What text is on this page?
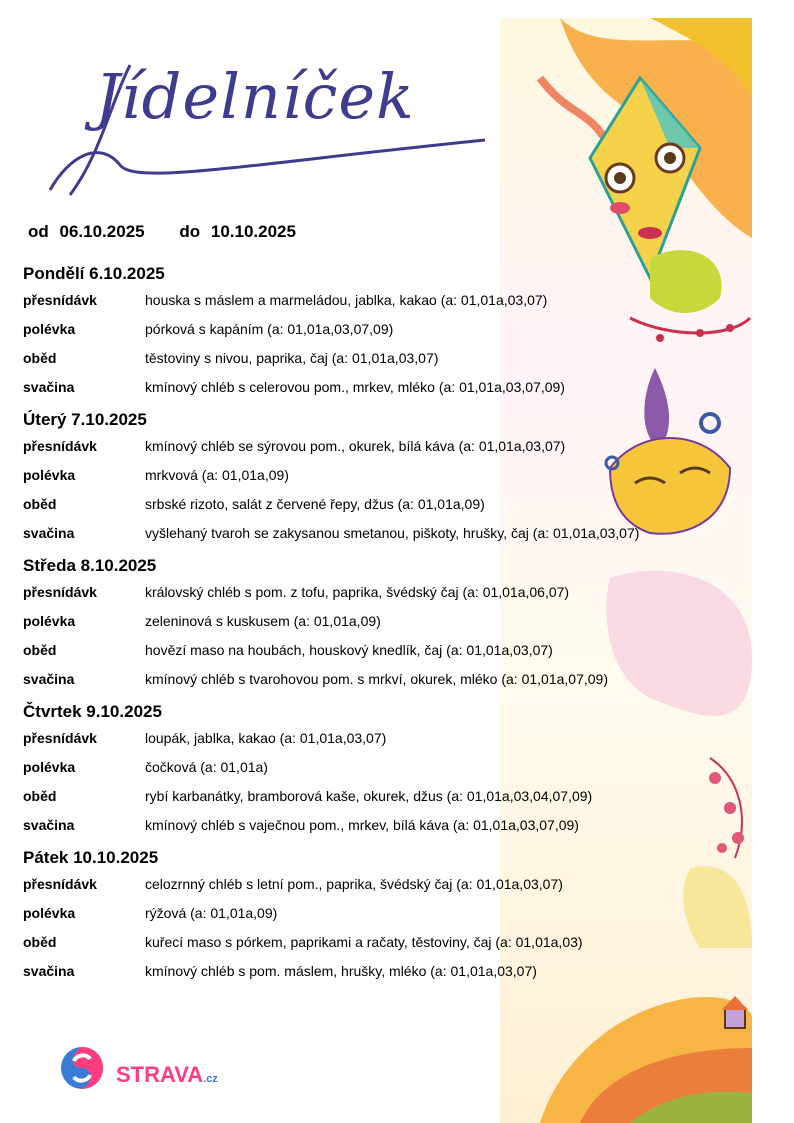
Jídelníček
od 06.10.2025 do 10.10.2025
Pondělí 6.10.2025
přesnídávk	houska s máslem a marmeládou, jablka, kakao (a: 01,01a,03,07)
polévka	pórková s kapáním (a: 01,01a,03,07,09)
oběd	těstoviny s nivou, paprika, čaj (a: 01,01a,03,07)
svačina	kmínový chléb s celerovou pom., mrkev, mléko (a: 01,01a,03,07,09)
Úterý 7.10.2025
přesnídávk	kmínový chléb se sýrovou pom., okurek, bílá káva (a: 01,01a,03,07)
polévka	mrkvová (a: 01,01a,09)
oběd	srbské rizoto, salát z červené řepy, džus (a: 01,01a,09)
svačina	vyšlehaný tvaroh se zakysanou smetanou, piškoty, hrušky, čaj (a: 01,01a,03,07)
Středa 8.10.2025
přesnídávk	královský chléb s pom. z tofu, paprika, švédský čaj (a: 01,01a,06,07)
polévka	zeleninová s kuskusem (a: 01,01a,09)
oběd	hovězí maso na houbách, houskový knedlík, čaj (a: 01,01a,03,07)
svačina	kmínový chléb s tvarohovou pom. s mrkví, okurek, mléko (a: 01,01a,07,09)
Čtvrtek 9.10.2025
přesnídávk	loupák, jablka, kakao (a: 01,01a,03,07)
polévka	čočková (a: 01,01a)
oběd	rybí karbanátky, bramborová kaše, okurek, džus (a: 01,01a,03,04,07,09)
svačina	kmínový chléb s vaječnou pom., mrkev, bílá káva (a: 01,01a,03,07,09)
Pátek 10.10.2025
přesnídávk	celozrnný chléb s letní pom., paprika, švédský čaj (a: 01,01a,03,07)
polévka	rýžová (a: 01,01a,09)
oběd	kuřecí maso s pórkem, paprikami a račaty, těstoviny, čaj (a: 01,01a,03)
svačina	kmínový chléb s pom. máslem, hrušky, mléko (a: 01,01a,03,07)
STRAVA.cz
